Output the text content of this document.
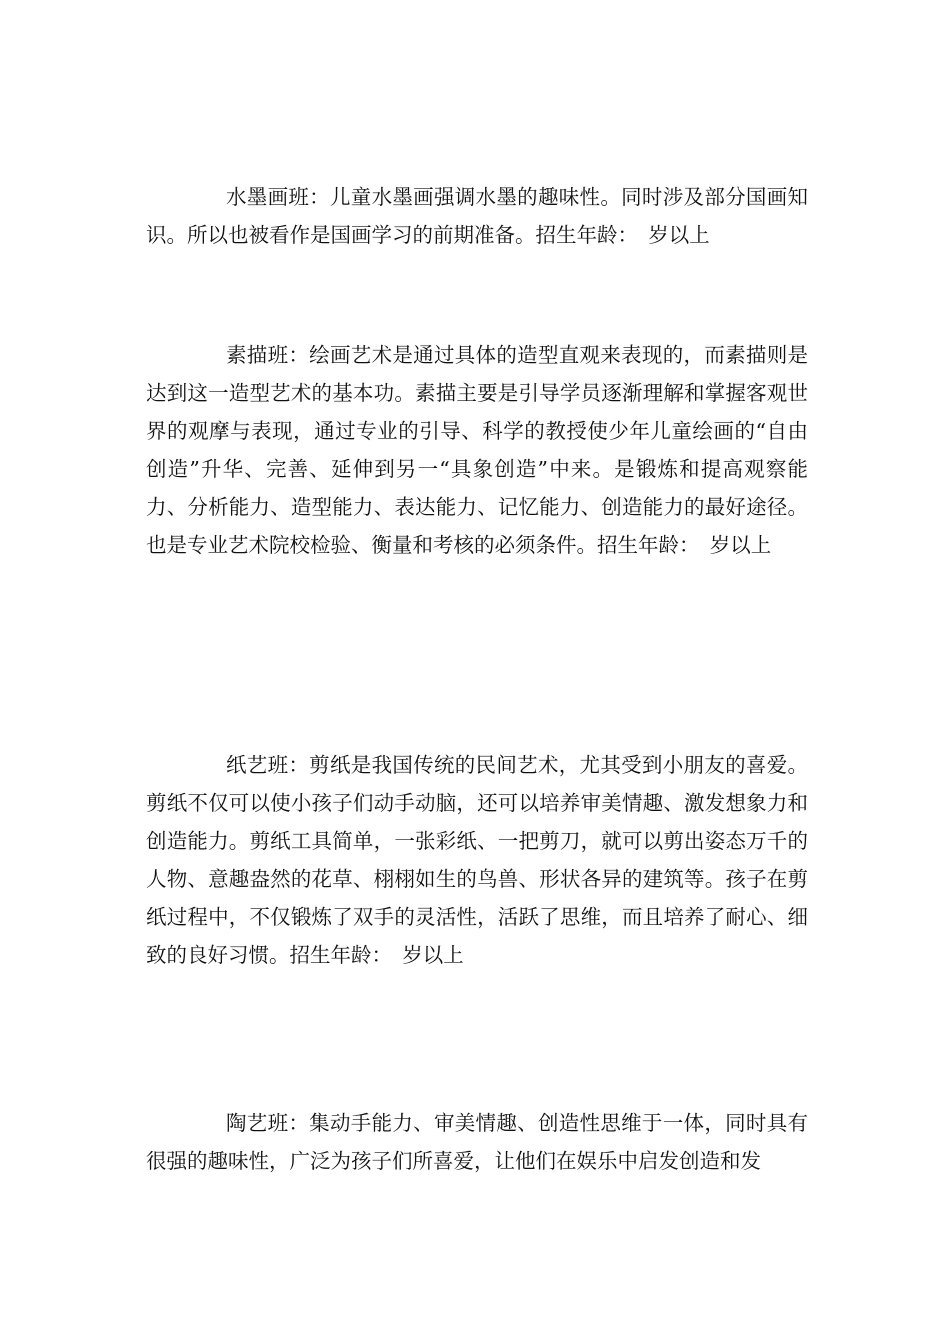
水墨画班：儿童水墨画强调水墨的趣味性。同时涉及部分国画知识。所以也被看作是国画学习的前期准备。招生年龄：　岁以上

素描班：绘画艺术是通过具体的造型直观来表现的，而素描则是达到这一造型艺术的基本功。素描主要是引导学员逐渐理解和掌握客观世界的观摩与表现，通过专业的引导、科学的教授使少年儿童绘画的“自由创造”升华、完善、延伸到另一“具象创造”中来。是锻炼和提高观察能力、分析能力、造型能力、表达能力、记忆能力、创造能力的最好途径。也是专业艺术院校检验、衡量和考核的必须条件。招生年龄：　岁以上

纸艺班：剪纸是我国传统的民间艺术，尤其受到小朋友的喜爱。剪纸不仅可以使小孩子们动手动脑，还可以培养审美情趣、激发想象力和创造能力。剪纸工具简单，一张彩纸、一把剪刀，就可以剪出姿态万千的人物、意趣盎然的花草、栩栩如生的鸟兽、形状各异的建筑等。孩子在剪纸过程中，不仅锻炼了双手的灵活性，活跃了思维，而且培养了耐心、细致的良好习惯。招生年龄：　岁以上

陶艺班：集动手能力、审美情趣、创造性思维于一体，同时具有很强的趣味性，广泛为孩子们所喜爱，让他们在娱乐中启发创造和发
